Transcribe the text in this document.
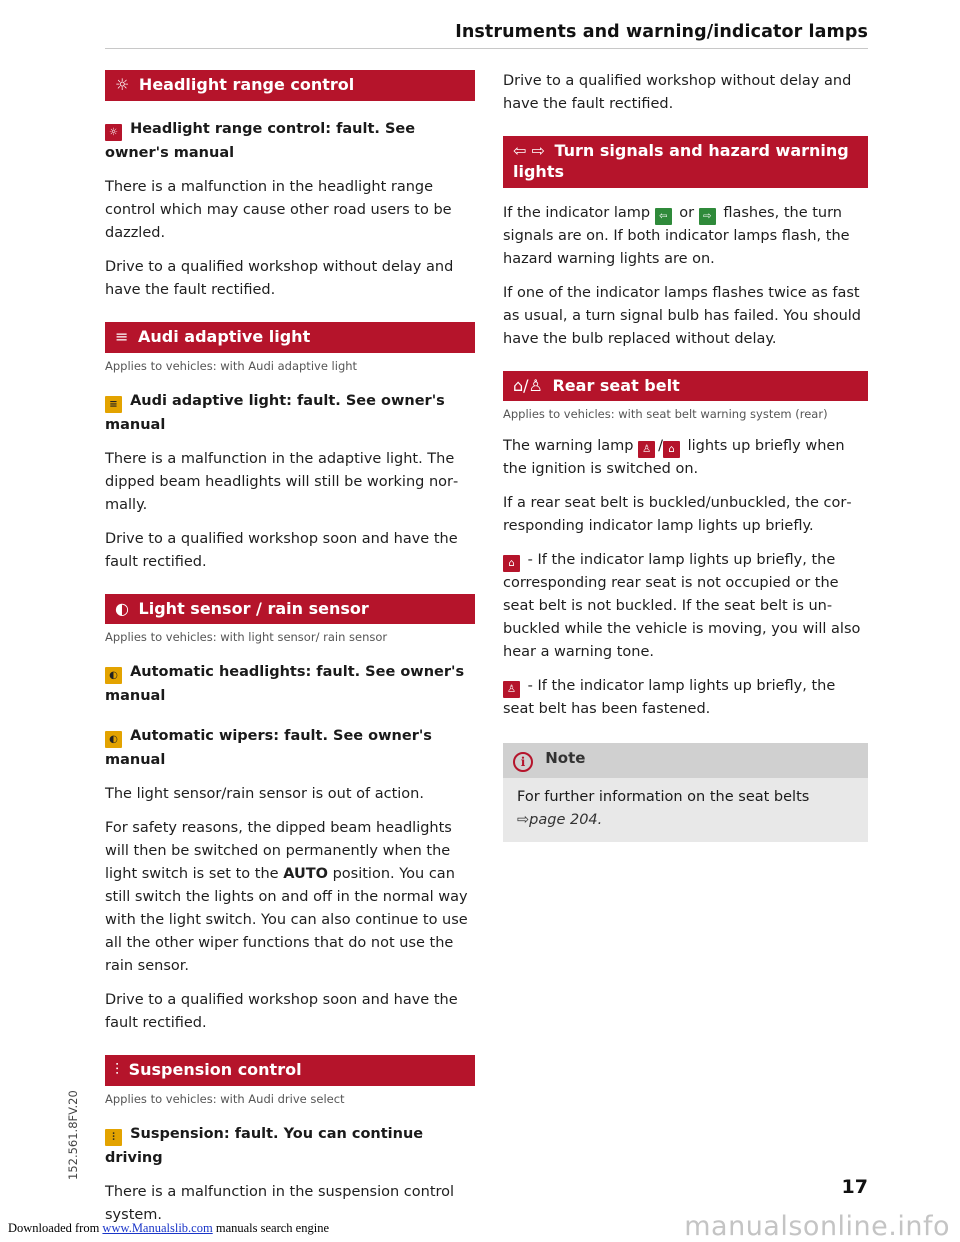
Instruments and warning/indicator lamps
☼ Headlight range control
☼ Headlight range control: fault. See owner's manual

There is a malfunction in the headlight range control which may cause other road users to be dazzled.

Drive to a qualified workshop without delay and have the fault rectified.

≡ Audi adaptive light
Applies to vehicles: with Audi adaptive light
≡ Audi adaptive light: fault. See owner's manual

There is a malfunction in the adaptive light. The dipped beam headlights will still be working normally.

Drive to a qualified workshop soon and have the fault rectified.

◐ Light sensor / rain sensor
Applies to vehicles: with light sensor/ rain sensor
◐ Automatic headlights: fault. See owner's manual
◐ Automatic wipers: fault. See owner's manual

The light sensor/rain sensor is out of action.

For safety reasons, the dipped beam headlights will then be switched on permanently when the light switch is set to the AUTO position. You can still switch the lights on and off in the normal way with the light switch. You can also continue to use all the other wiper functions that do not use the rain sensor.

Drive to a qualified workshop soon and have the fault rectified.

⫶ Suspension control
Applies to vehicles: with Audi drive select
⫶ Suspension: fault. You can continue driving

There is a malfunction in the suspension control system.

Drive to a qualified workshop without delay and have the fault rectified.

⇦ ⇨ Turn signals and hazard warning lights

If the indicator lamp ⇦ or ⇨ flashes, the turn signals are on. If both indicator lamps flash, the hazard warning lights are on.

If one of the indicator lamps flashes twice as fast as usual, a turn signal bulb has failed. You should have the bulb replaced without delay.

⌂/♙ Rear seat belt
Applies to vehicles: with seat belt warning system (rear)

The warning lamp ♙ / ⌂ lights up briefly when the ignition is switched on.

If a rear seat belt is buckled/unbuckled, the corresponding indicator lamp lights up briefly.

⌂ - If the indicator lamp lights up briefly, the corresponding rear seat is not occupied or the seat belt is not buckled. If the seat belt is unbuckled while the vehicle is moving, you will also hear a warning tone.

♙ - If the indicator lamp lights up briefly, the seat belt has been fastened.

i Note
For further information on the seat belts
⇨page 204.
152.561.8FV.20
17
Downloaded from www.Manualslib.com manuals search engine	manualsonline.info
